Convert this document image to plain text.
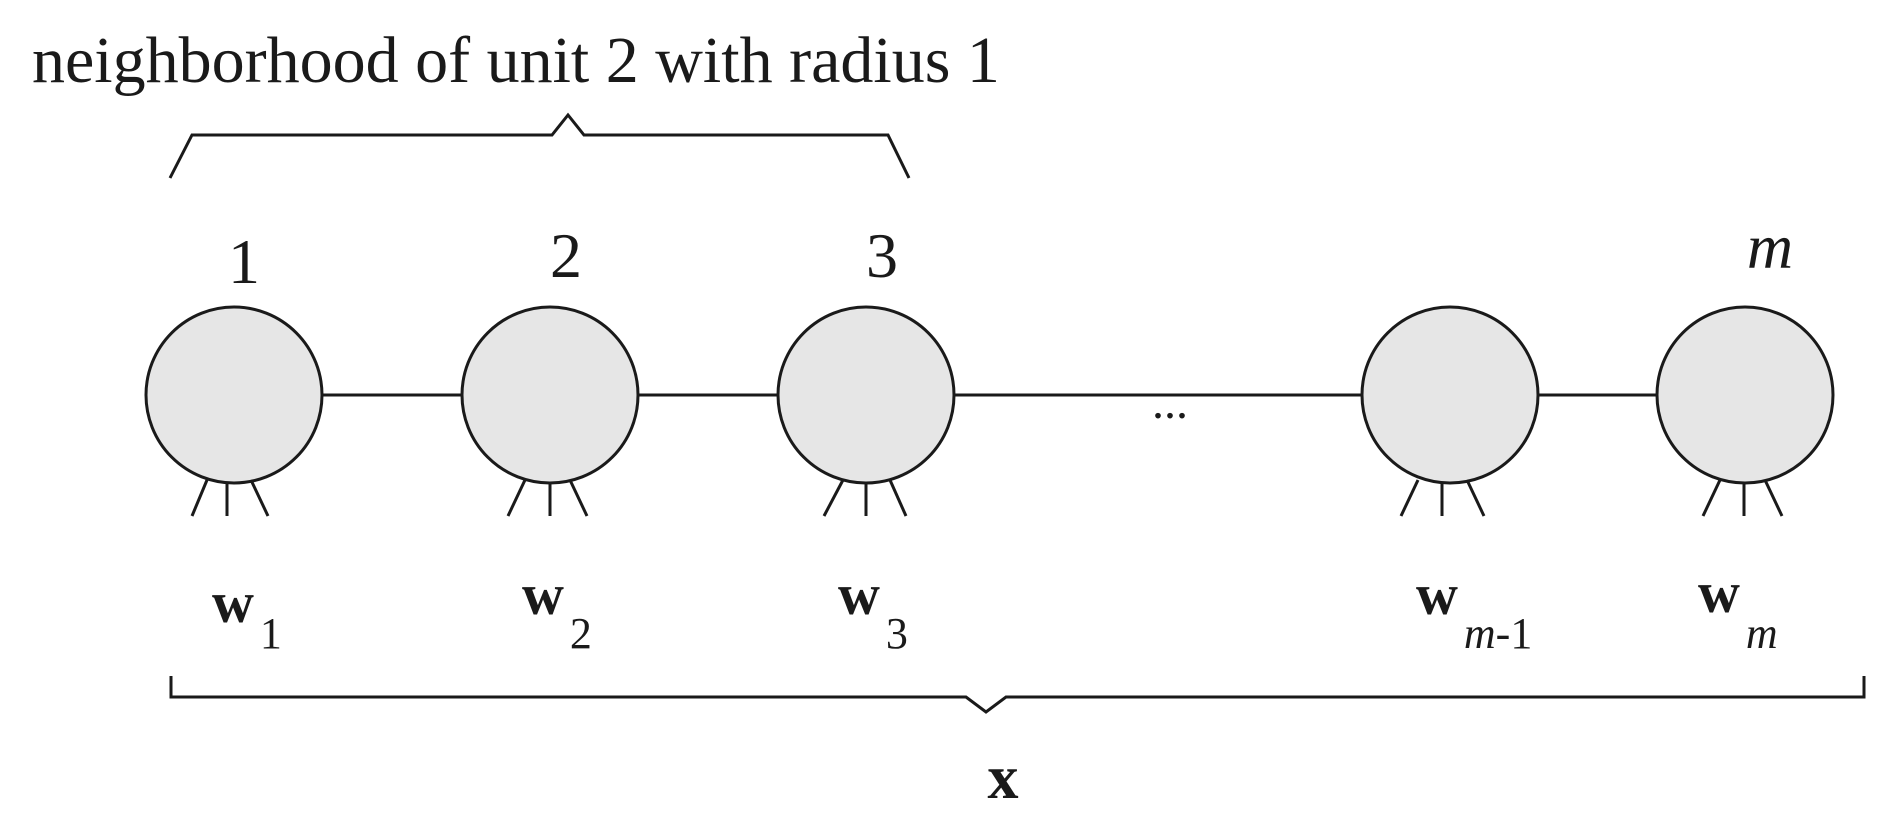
neighborhood of unit 2 with radius 1
...
1
w 1
2
w2
3
w3
wm-1
m
wm
x
